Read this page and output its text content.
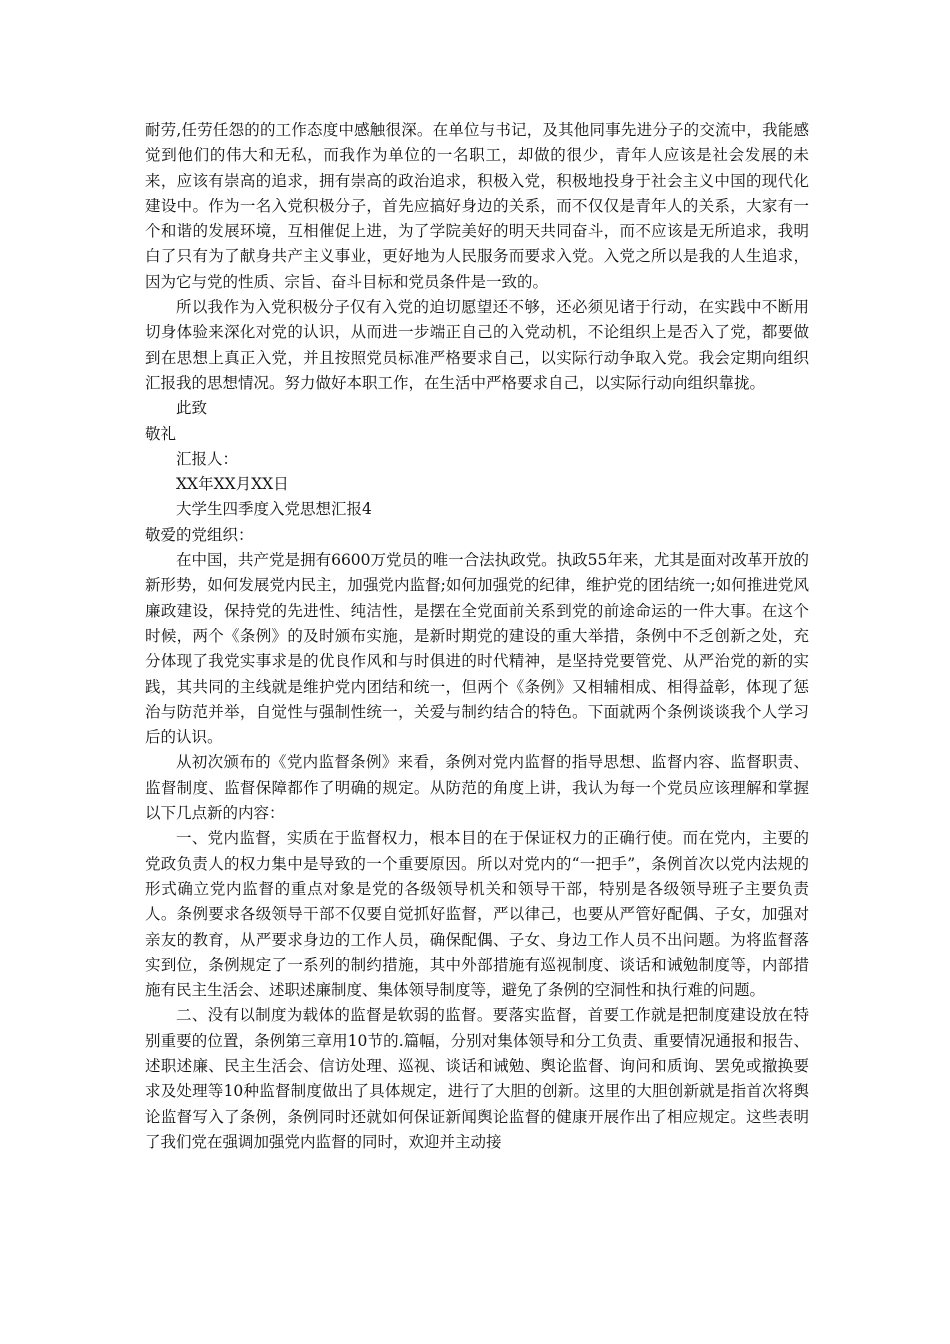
耐劳,任劳任怨的的工作态度中感触很深。在单位与书记，及其他同事先进分子的交流中，我能感觉到他们的伟大和无私，而我作为单位的一名职工，却做的很少，青年人应该是社会发展的未来，应该有崇高的追求，拥有崇高的政治追求，积极入党，积极地投身于社会主义中国的现代化建设中。作为一名入党积极分子，首先应搞好身边的关系，而不仅仅是青年人的关系，大家有一个和谐的发展环境，互相催促上进，为了学院美好的明天共同奋斗，而不应该是无所追求，我明白了只有为了献身共产主义事业，更好地为人民服务而要求入党。入党之所以是我的人生追求，因为它与党的性质、宗旨、奋斗目标和党员条件是一致的。

所以我作为入党积极分子仅有入党的迫切愿望还不够，还必须见诸于行动，在实践中不断用切身体验来深化对党的认识，从而进一步端正自己的入党动机，不论组织上是否入了党，都要做到在思想上真正入党，并且按照党员标准严格要求自己，以实际行动争取入党。我会定期向组织汇报我的思想情况。努力做好本职工作，在生活中严格要求自己，以实际行动向组织靠拢。

此致

敬礼

汇报人：

XX年XX月XX日

大学生四季度入党思想汇报4

敬爱的党组织：

在中国，共产党是拥有6600万党员的唯一合法执政党。执政55年来，尤其是面对改革开放的新形势，如何发展党内民主，加强党内监督;如何加强党的纪律，维护党的团结统一;如何推进党风廉政建设，保持党的先进性、纯洁性，是摆在全党面前关系到党的前途命运的一件大事。在这个时候，两个《条例》的及时颁布实施，是新时期党的建设的重大举措，条例中不乏创新之处，充分体现了我党实事求是的优良作风和与时俱进的时代精神，是坚持党要管党、从严治党的新的实践，其共同的主线就是维护党内团结和统一，但两个《条例》又相辅相成、相得益彰，体现了惩治与防范并举，自觉性与强制性统一，关爱与制约结合的特色。下面就两个条例谈谈我个人学习后的认识。

从初次颁布的《党内监督条例》来看，条例对党内监督的指导思想、监督内容、监督职责、监督制度、监督保障都作了明确的规定。从防范的角度上讲，我认为每一个党员应该理解和掌握以下几点新的内容：

一、党内监督，实质在于监督权力，根本目的在于保证权力的正确行使。而在党内，主要的党政负责人的权力集中是导致的一个重要原因。所以对党内的“一把手”，条例首次以党内法规的形式确立党内监督的重点对象是党的各级领导机关和领导干部，特别是各级领导班子主要负责人。条例要求各级领导干部不仅要自觉抓好监督，严以律己，也要从严管好配偶、子女，加强对亲友的教育，从严要求身边的工作人员，确保配偶、子女、身边工作人员不出问题。为将监督落实到位，条例规定了一系列的制约措施，其中外部措施有巡视制度、谈话和诫勉制度等，内部措施有民主生活会、述职述廉制度、集体领导制度等，避免了条例的空洞性和执行难的问题。

二、没有以制度为载体的监督是软弱的监督。要落实监督，首要工作就是把制度建设放在特别重要的位置，条例第三章用10节的.篇幅，分别对集体领导和分工负责、重要情况通报和报告、述职述廉、民主生活会、信访处理、巡视、谈话和诫勉、舆论监督、询问和质询、罢免或撤换要求及处理等10种监督制度做出了具体规定，进行了大胆的创新。这里的大胆创新就是指首次将舆论监督写入了条例，条例同时还就如何保证新闻舆论监督的健康开展作出了相应规定。这些表明了我们党在强调加强党内监督的同时，欢迎并主动接
